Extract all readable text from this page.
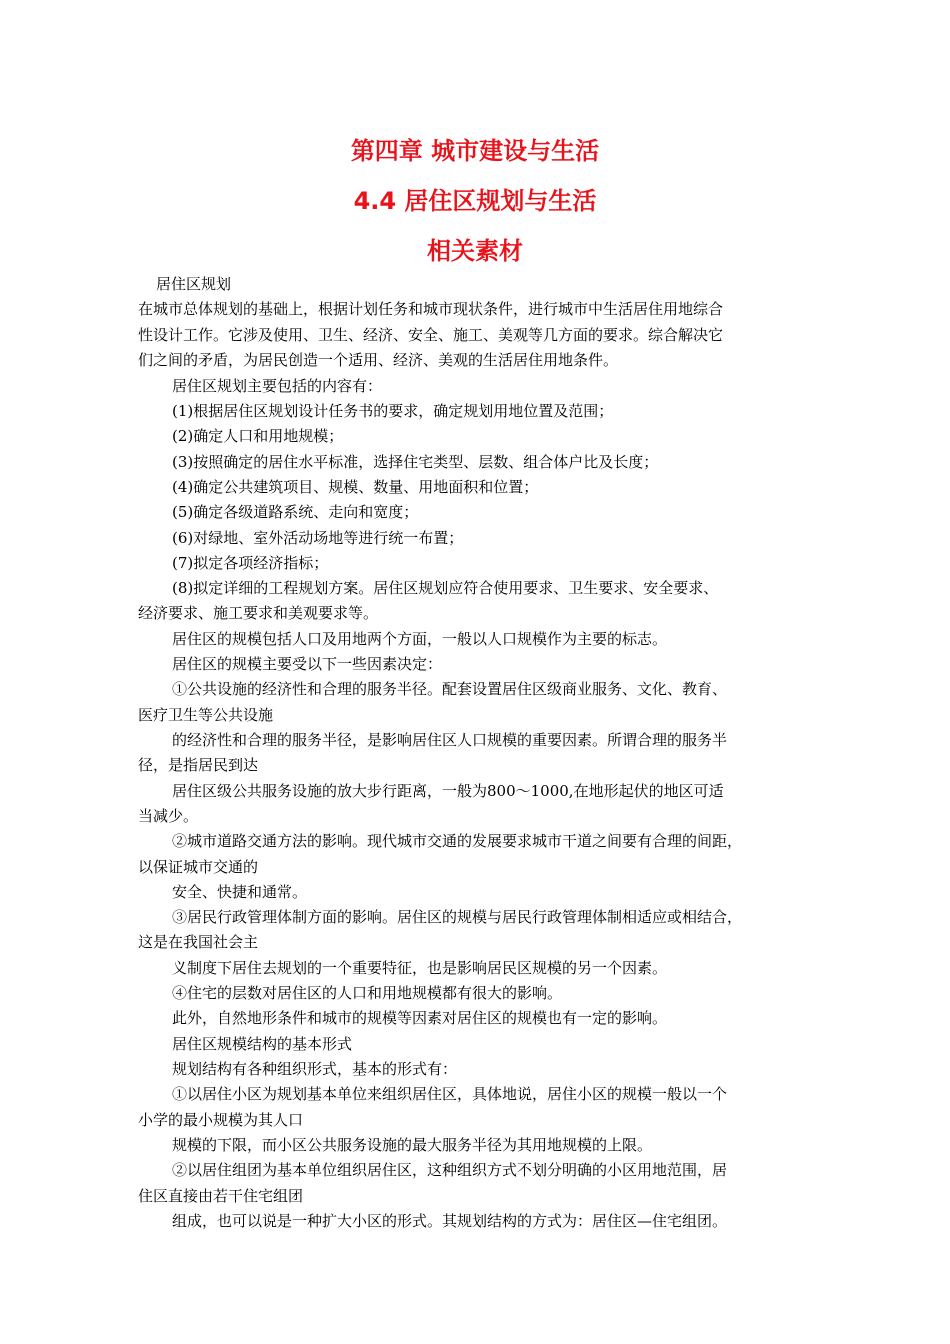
第四章 城市建设与生活
4.4 居住区规划与生活
相关素材
居住区规划
在城市总体规划的基础上，根据计划任务和城市现状条件，进行城市中生活居住用地综合
性设计工作。它涉及使用、卫生、经济、安全、施工、美观等几方面的要求。综合解决它
们之间的矛盾，为居民创造一个适用、经济、美观的生活居住用地条件。
居住区规划主要包括的内容有：
(1)根据居住区规划设计任务书的要求，确定规划用地位置及范围；
(2)确定人口和用地规模；
(3)按照确定的居住水平标准，选择住宅类型、层数、组合体户比及长度；
(4)确定公共建筑项目、规模、数量、用地面积和位置；
(5)确定各级道路系统、走向和宽度；
(6)对绿地、室外活动场地等进行统一布置；
(7)拟定各项经济指标；
(8)拟定详细的工程规划方案。居住区规划应符合使用要求、卫生要求、安全要求、
经济要求、施工要求和美观要求等。
居住区的规模包括人口及用地两个方面，一般以人口规模作为主要的标志。
居住区的规模主要受以下一些因素决定：
①公共设施的经济性和合理的服务半径。配套设置居住区级商业服务、文化、教育、
医疗卫生等公共设施
的经济性和合理的服务半径，是影响居住区人口规模的重要因素。所谓合理的服务半
径，是指居民到达
居住区级公共服务设施的放大步行距离，一般为800～1000,在地形起伏的地区可适
当减少。
②城市道路交通方法的影响。现代城市交通的发展要求城市干道之间要有合理的间距，
以保证城市交通的
安全、快捷和通常。
③居民行政管理体制方面的影响。居住区的规模与居民行政管理体制相适应或相结合，
这是在我国社会主
义制度下居住去规划的一个重要特征，也是影响居民区规模的另一个因素。
④住宅的层数对居住区的人口和用地规模都有很大的影响。
此外，自然地形条件和城市的规模等因素对居住区的规模也有一定的影响。
居住区规模结构的基本形式
规划结构有各种组织形式，基本的形式有：
①以居住小区为规划基本单位来组织居住区，具体地说，居住小区的规模一般以一个
小学的最小规模为其人口
规模的下限，而小区公共服务设施的最大服务半径为其用地规模的上限。
②以居住组团为基本单位组织居住区，这种组织方式不划分明确的小区用地范围，居
住区直接由若干住宅组团
组成，也可以说是一种扩大小区的形式。其规划结构的方式为：居住区—住宅组团。
